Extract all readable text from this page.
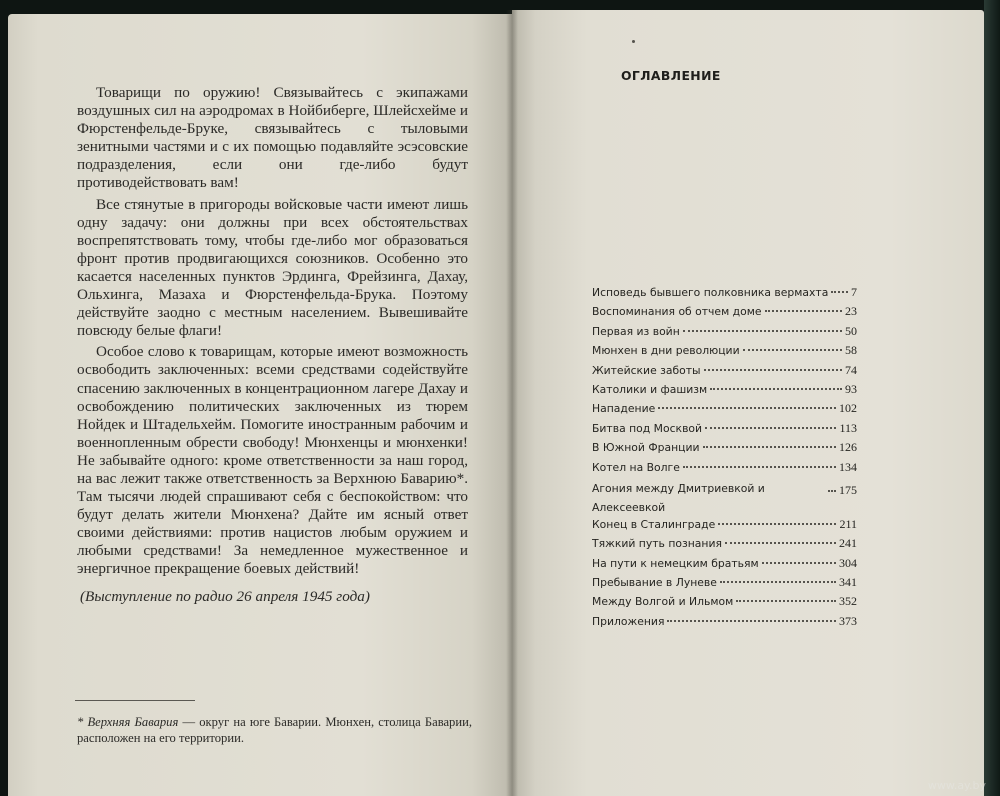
Товарищи по оружию! Связывайтесь с экипажами воздушных сил на аэродромах в Нойбиберге, Шлейсхейме и Фюрстенфельде-Бруке, связывайтесь с тыловыми зенитными частями и с их помощью подавляйте эсэсовские подразделения, если они где-либо будут противодействовать вам!

Все стянутые в пригороды войсковые части имеют лишь одну задачу: они должны при всех обстоятельствах воспрепятствовать тому, чтобы где-либо мог образоваться фронт против продвигающихся союзников. Особенно это касается населенных пунктов Эрдинга, Фрейзинга, Дахау, Ольхинга, Мазаха и Фюрстенфельда-Брука. Поэтому действуйте заодно с местным населением. Вывешивайте повсюду белые флаги!

Особое слово к товарищам, которые имеют возможность освободить заключенных: всеми средствами содействуйте спасению заключенных в концентрационном лагере Дахау и освобождению политических заключенных из тюрем Нойдек и Штадельхейм. Помогите иностранным рабочим и военнопленным обрести свободу! Мюнхенцы и мюнхенки! Не забывайте одного: кроме ответственности за наш город, на вас лежит также ответственность за Верхнюю Баварию*. Там тысячи людей спрашивают себя с беспокойством: что будут делать жители Мюнхена? Дайте им ясный ответ своими действиями: против нацистов любым оружием и любыми средствами! За немедленное мужественное и энергичное прекращение боевых действий!

(Выступление по радио 26 апреля 1945 года)

* Верхняя Бавария — округ на юге Баварии. Мюнхен, столица Баварии, расположен на его территории.
ОГЛАВЛЕНИЕ
Исповедь бывшего полковника вермахта 7
Воспоминания об отчем доме	23
Первая из войн	50
Мюнхен в дни революции	58
Житейские заботы	74
Католики и фашизм	93
Нападение	102
Битва под Москвой	113
В Южной Франции	126
Котел на Волге	134
Агония между Дмитриевкой и Алексеевкой
175
Конец в Сталинграде	211
Тяжкий путь познания	241
На пути к немецким братьям	304
Пребывание в Луневе	341
Между Волгой и Ильмом	352
Приложения	373
www.ay.by
